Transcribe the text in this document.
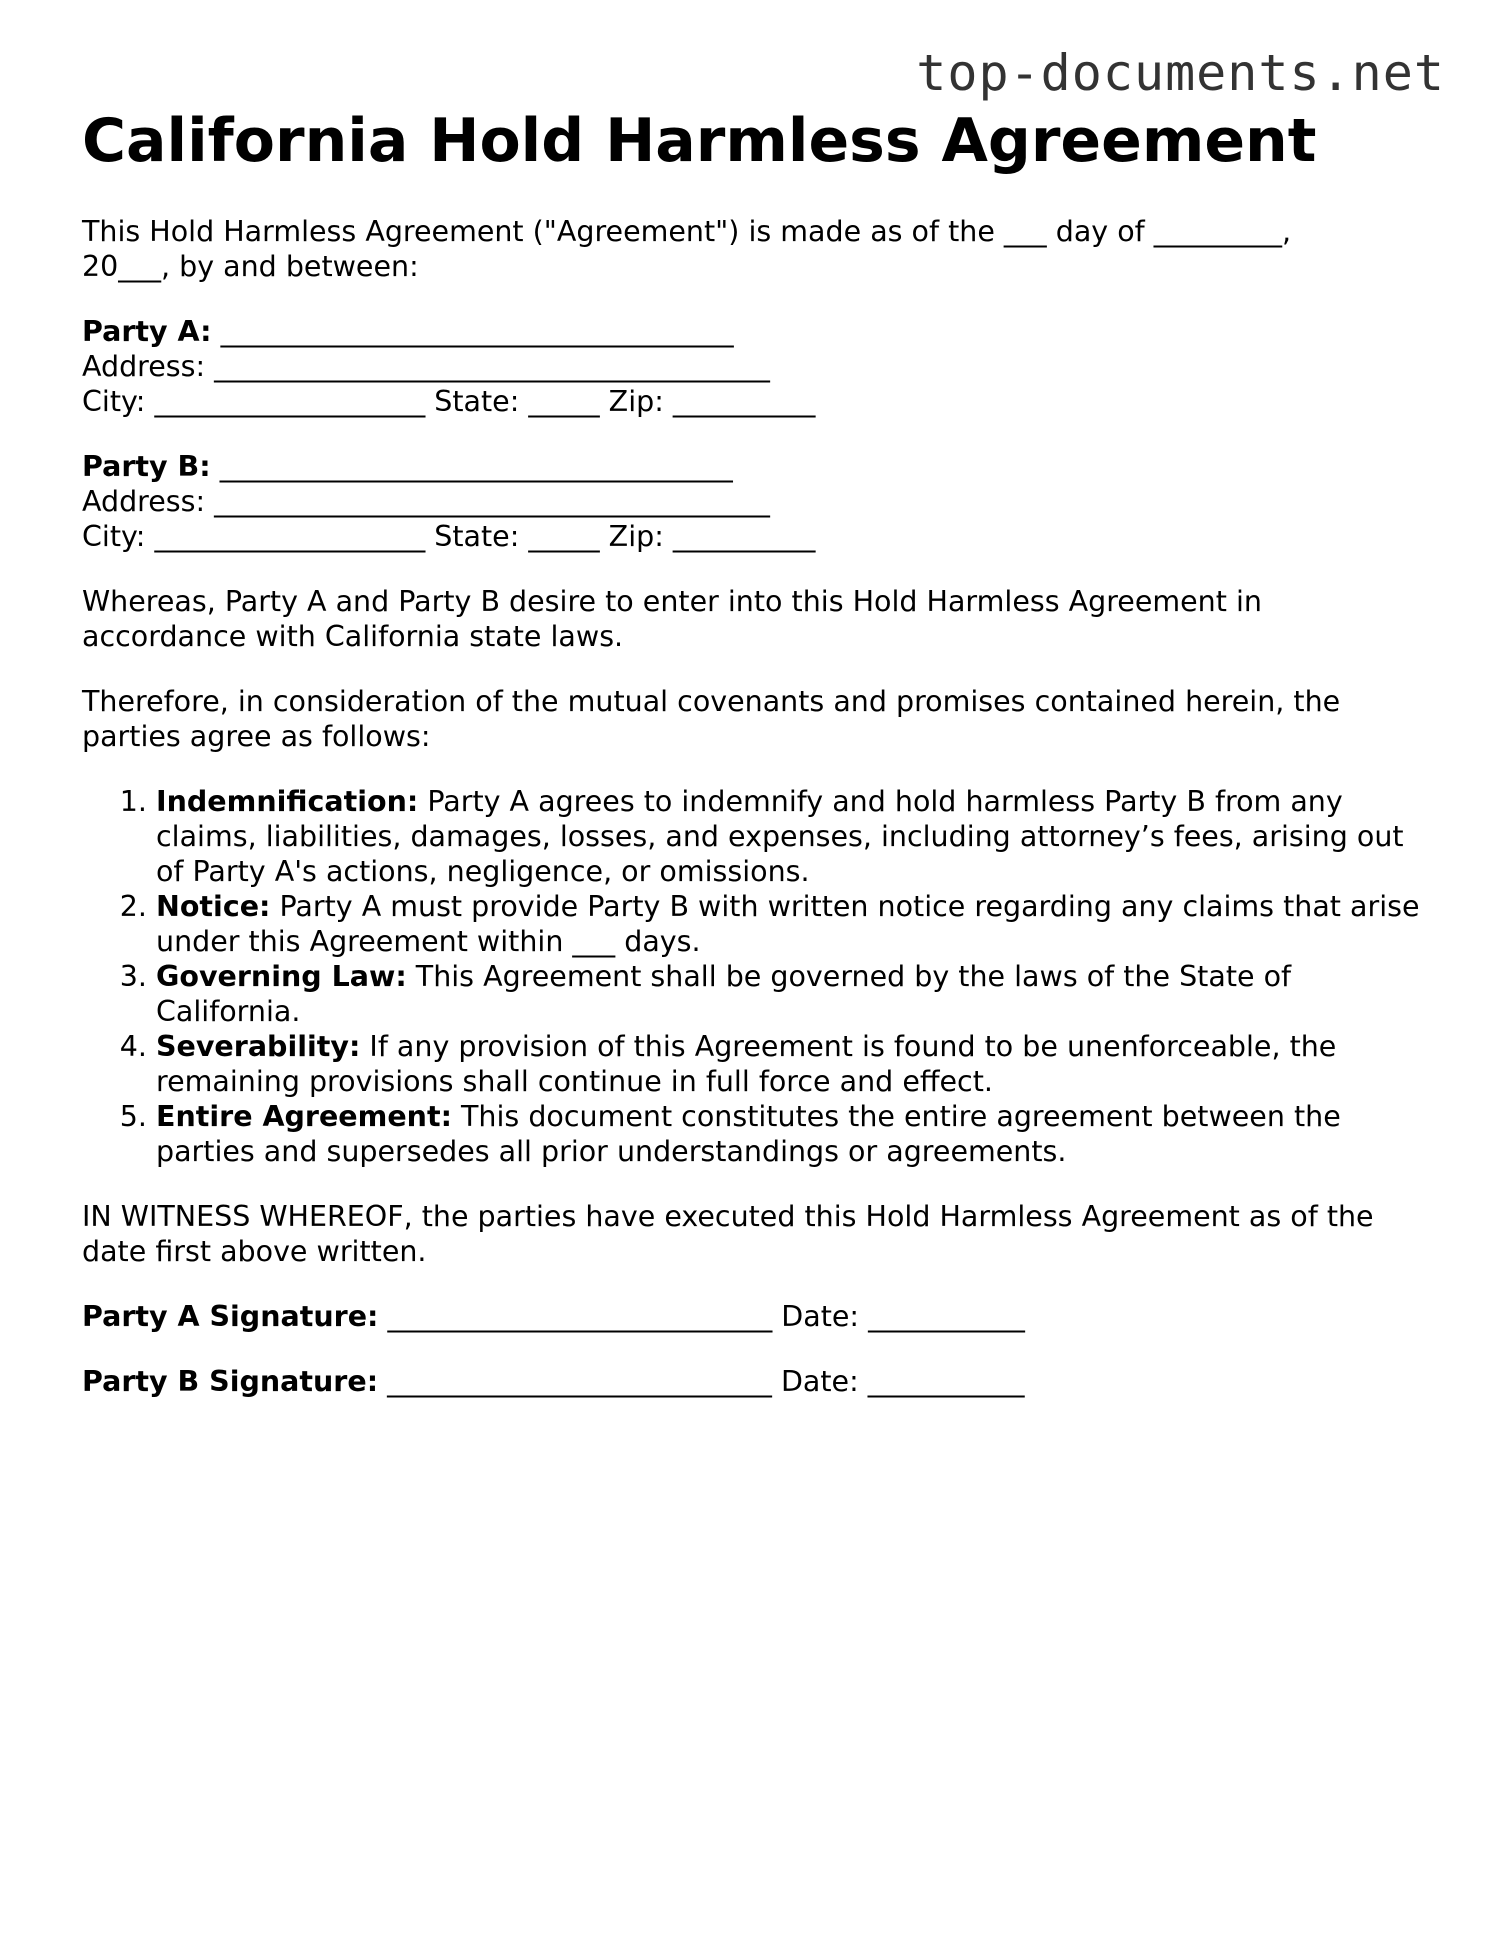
top-documents.net

California Hold Harmless Agreement

This Hold Harmless Agreement ("Agreement") is made as of the ___ day of _________,
20___, by and between:

Party A: ____________________________________
Address: _______________________________________
City: ___________________ State: _____ Zip: __________
Party B: ____________________________________
Address: _______________________________________
City: ___________________ State: _____ Zip: __________

Whereas, Party A and Party B desire to enter into this Hold Harmless Agreement in accordance with California state laws.

Therefore, in consideration of the mutual covenants and promises contained herein, the parties agree as follows:

1. Indemnification: Party A agrees to indemnify and hold harmless Party B from any claims, liabilities, damages, losses, and expenses, including attorney’s fees, arising out of Party A's actions, negligence, or omissions.
2. Notice: Party A must provide Party B with written notice regarding any claims that arise under this Agreement within ___ days.
3. Governing Law: This Agreement shall be governed by the laws of the State of California.
4. Severability: If any provision of this Agreement is found to be unenforceable, the remaining provisions shall continue in full force and effect.
5. Entire Agreement: This document constitutes the entire agreement between the parties and supersedes all prior understandings or agreements.

IN WITNESS WHEREOF, the parties have executed this Hold Harmless Agreement as of the date first above written.

Party A Signature: ___________________________ Date: ___________
Party B Signature: ___________________________ Date: ___________
